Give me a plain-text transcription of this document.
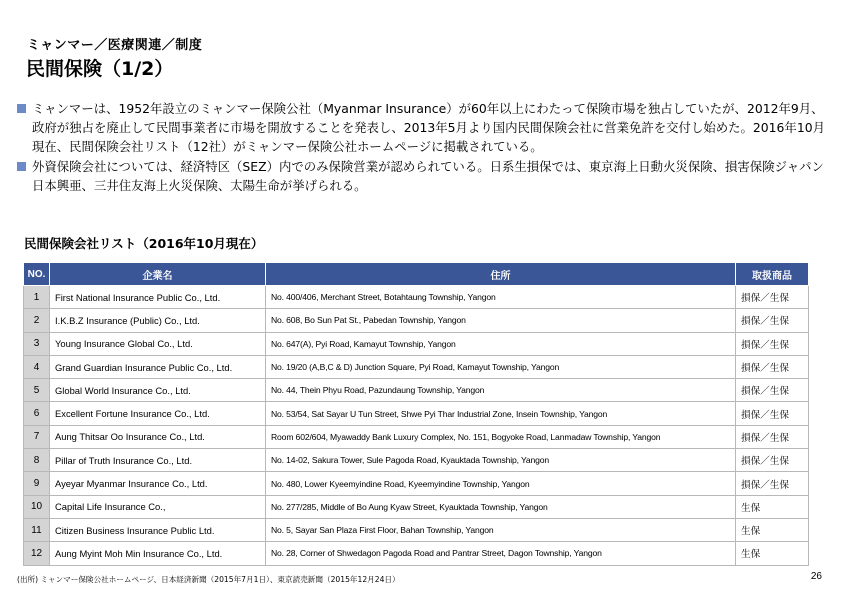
ミャンマー／医療関連／制度
民間保険（1/2）
ミャンマーは、1952年設立のミャンマー保険公社（Myanmar Insurance）が60年以上にわたって保険市場を独占していたが、2012年9月、政府が独占を廃止して民間事業者に市場を開放することを発表し、2013年5月より国内民間保険会社に営業免許を交付し始めた。2016年10月現在、民間保険会社リスト（12社）がミャンマー保険公社ホームページに掲載されている。
外資保険会社については、経済特区（SEZ）内でのみ保険営業が認められている。日系生損保では、東京海上日動火災保険、損害保険ジャパン日本興亜、三井住友海上火災保険、太陽生命が挙げられる。
民間保険会社リスト（2016年10月現在）
NO.	企業名	住所	取扱商品
1	First National Insurance Public Co., Ltd.	No. 400/406, Merchant Street, Botahtaung Township, Yangon	損保／生保
2	I.K.B.Z Insurance (Public) Co., Ltd.	No. 608, Bo Sun Pat St., Pabedan Township, Yangon	損保／生保
3	Young Insurance Global Co., Ltd.	No. 647(A), Pyi Road, Kamayut Township, Yangon	損保／生保
4	Grand Guardian Insurance Public Co., Ltd.	No. 19/20 (A,B,C & D) Junction Square, Pyi Road, Kamayut Township, Yangon	損保／生保
5	Global World Insurance Co., Ltd.	No. 44, Thein Phyu Road, Pazundaung Township, Yangon	損保／生保
6	Excellent Fortune Insurance Co., Ltd.	No. 53/54, Sat Sayar U Tun Street, Shwe Pyi Thar Industrial Zone, Insein Township, Yangon	損保／生保
7	Aung Thitsar Oo Insurance Co., Ltd.	Room 602/604, Myawaddy Bank Luxury Complex, No. 151, Bogyoke Road, Lanmadaw Township, Yangon	損保／生保
8	Pillar of Truth Insurance Co., Ltd.	No. 14-02, Sakura Tower, Sule Pagoda Road, Kyauktada Township, Yangon	損保／生保
9	Ayeyar Myanmar Insurance Co., Ltd.	No. 480, Lower Kyeemyindine Road, Kyeemyindine Township, Yangon	損保／生保
10	Capital Life Insurance Co.,	No. 277/285, Middle of Bo Aung Kyaw Street, Kyauktada Township, Yangon	生保
11	Citizen Business Insurance Public Ltd.	No. 5, Sayar San Plaza First Floor, Bahan Township, Yangon	生保
12	Aung Myint Moh Min Insurance Co., Ltd.	No. 28, Corner of Shwedagon Pagoda Road and Pantrar Street, Dagon Township, Yangon	生保
(出所) ミャンマー保険公社ホームページ、日本経済新聞（2015年7月1日）、東京読売新聞（2015年12月24日）	26
